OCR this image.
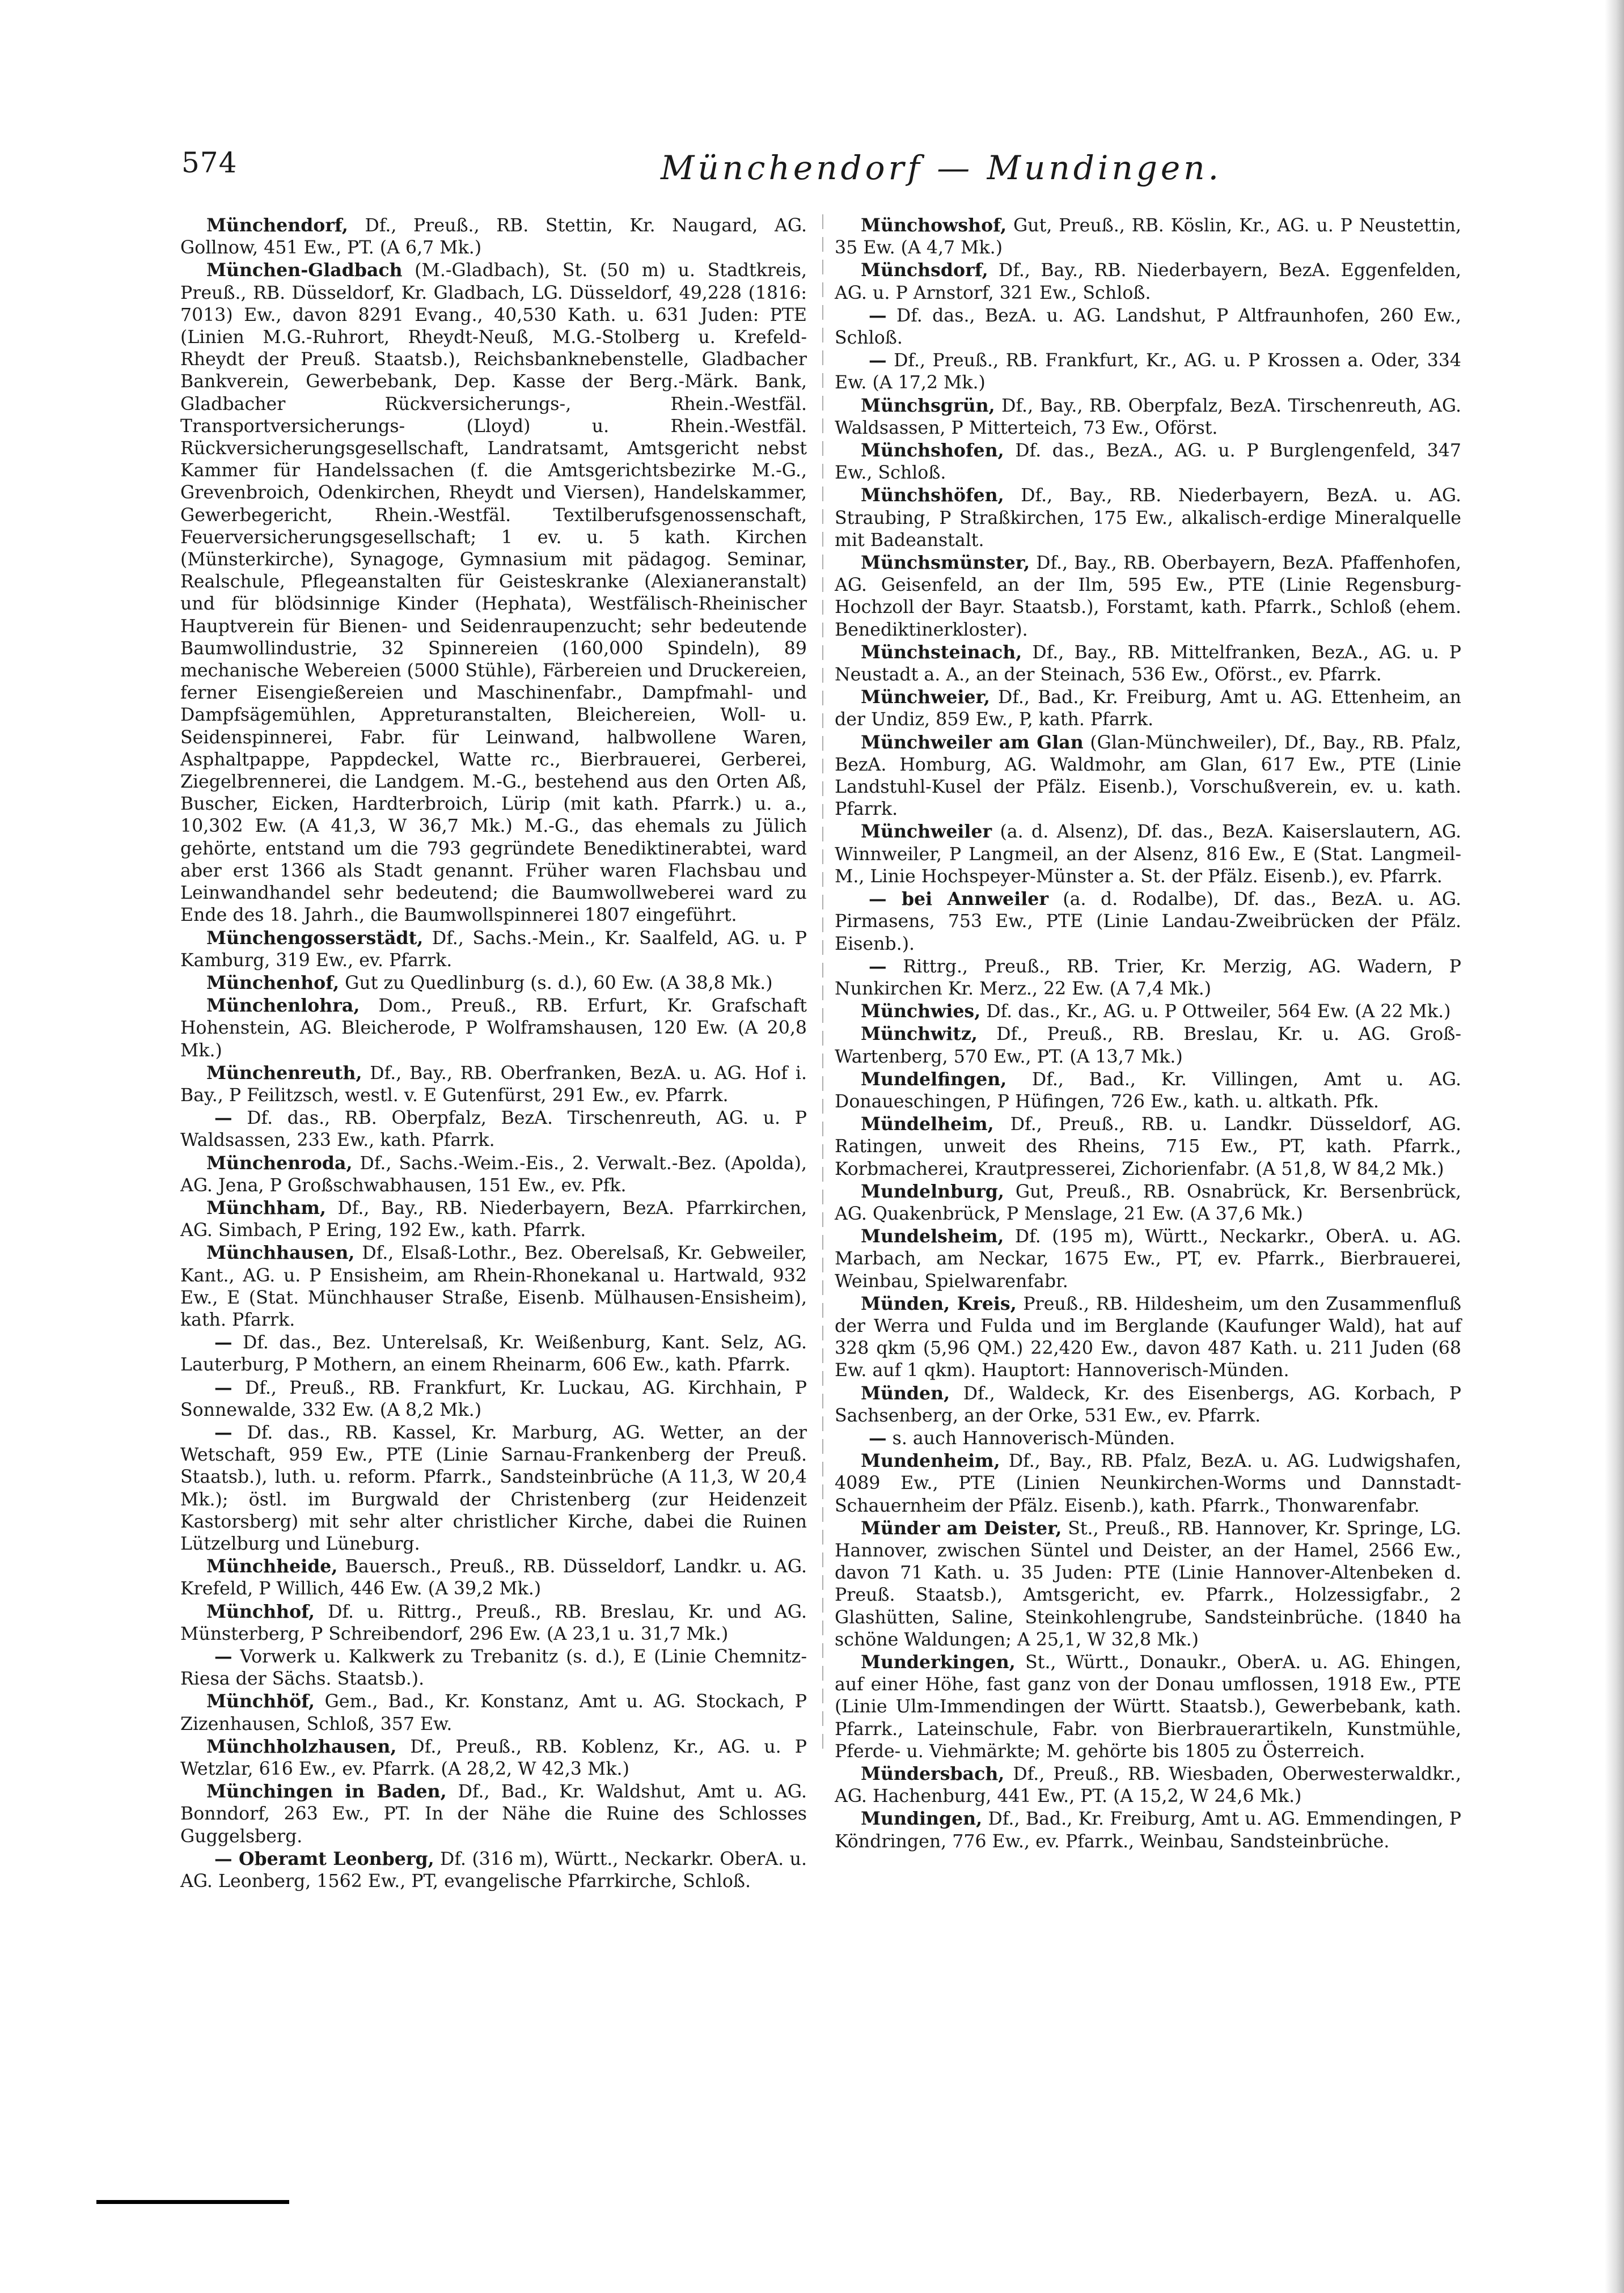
574	Münchendorf — Mundingen.

Münchendorf, Df., Preuß., RB. Stettin, Kr. Naugard, AG. Gollnow, 451 Ew., PT. (A 6,7 Mk.)

München-Gladbach (M.-Gladbach), St. (50 m) u. Stadtkreis, Preuß., RB. Düsseldorf, Kr. Gladbach, LG. Düsseldorf, 49,228 (1816: 7013) Ew., davon 8291 Evang., 40,530 Kath. u. 631 Juden: PTE (Linien M.G.-Ruhrort, Rheydt-Neuß, M.G.-Stolberg u. Krefeld-Rheydt der Preuß. Staatsb.), Reichsbanknebenstelle, Gladbacher Bankverein, Gewerbebank, Dep. Kasse der Berg.-Märk. Bank, Gladbacher Rückversicherungs-, Rhein.-Westfäl. Transportversicherungs- (Lloyd) u. Rhein.-Westfäl. Rückversicherungsgesellschaft, Landratsamt, Amtsgericht nebst Kammer für Handelssachen (f. die Amtsgerichtsbezirke M.-G., Grevenbroich, Odenkirchen, Rheydt und Viersen), Handelskammer, Gewerbegericht, Rhein.-Westfäl. Textilberufsgenossenschaft, Feuerversicherungsgesellschaft; 1 ev. u. 5 kath. Kirchen (Münsterkirche), Synagoge, Gymnasium mit pädagog. Seminar, Realschule, Pflegeanstalten für Geisteskranke (Alexianeranstalt) und für blödsinnige Kinder (Hephata), Westfälisch-Rheinischer Hauptverein für Bienen- und Seidenraupenzucht; sehr bedeutende Baumwollindustrie, 32 Spinnereien (160,000 Spindeln), 89 mechanische Webereien (5000 Stühle), Färbereien und Druckereien, ferner Eisengießereien und Maschinenfabr., Dampfmahl- und Dampfsägemühlen, Appreturanstalten, Bleichereien, Woll- u. Seidenspinnerei, Fabr. für Leinwand, halbwollene Waren, Asphaltpappe, Pappdeckel, Watte rc., Bierbrauerei, Gerberei, Ziegelbrennerei, die Landgem. M.-G., bestehend aus den Orten Aß, Buscher, Eicken, Hardterbroich, Lürip (mit kath. Pfarrk.) u. a., 10,302 Ew. (A 41,3, W 36,7 Mk.) M.-G., das ehemals zu Jülich gehörte, entstand um die 793 gegründete Benediktinerabtei, ward aber erst 1366 als Stadt genannt. Früher waren Flachsbau und Leinwandhandel sehr bedeutend; die Baumwollweberei ward zu Ende des 18. Jahrh., die Baumwollspinnerei 1807 eingeführt.

Münchengosserstädt, Df., Sachs.-Mein., Kr. Saalfeld, AG. u. P Kamburg, 319 Ew., ev. Pfarrk.

Münchenhof, Gut zu Quedlinburg (s. d.), 60 Ew. (A 38,8 Mk.)

Münchenlohra, Dom., Preuß., RB. Erfurt, Kr. Grafschaft Hohenstein, AG. Bleicherode, P Wolframshausen, 120 Ew. (A 20,8 Mk.)

Münchenreuth, Df., Bay., RB. Oberfranken, BezA. u. AG. Hof i. Bay., P Feilitzsch, westl. v. E Gutenfürst, 291 Ew., ev. Pfarrk.

— Df. das., RB. Oberpfalz, BezA. Tirschenreuth, AG. u. P Waldsassen, 233 Ew., kath. Pfarrk.

Münchenroda, Df., Sachs.-Weim.-Eis., 2. Verwalt.-Bez. (Apolda), AG. Jena, P Großschwabhausen, 151 Ew., ev. Pfk.

Münchham, Df., Bay., RB. Niederbayern, BezA. Pfarrkirchen, AG. Simbach, P Ering, 192 Ew., kath. Pfarrk.

Münchhausen, Df., Elsaß-Lothr., Bez. Oberelsaß, Kr. Gebweiler, Kant., AG. u. P Ensisheim, am Rhein-Rhonekanal u. Hartwald, 932 Ew., E (Stat. Münchhauser Straße, Eisenb. Mülhausen-Ensisheim), kath. Pfarrk.

— Df. das., Bez. Unterelsaß, Kr. Weißenburg, Kant. Selz, AG. Lauterburg, P Mothern, an einem Rheinarm, 606 Ew., kath. Pfarrk.

— Df., Preuß., RB. Frankfurt, Kr. Luckau, AG. Kirchhain, P Sonnewalde, 332 Ew. (A 8,2 Mk.)

— Df. das., RB. Kassel, Kr. Marburg, AG. Wetter, an der Wetschaft, 959 Ew., PTE (Linie Sarnau-Frankenberg der Preuß. Staatsb.), luth. u. reform. Pfarrk., Sandsteinbrüche (A 11,3, W 20,4 Mk.); östl. im Burgwald der Christenberg (zur Heidenzeit Kastorsberg) mit sehr alter christlicher Kirche, dabei die Ruinen Lützelburg und Lüneburg.

Münchheide, Bauersch., Preuß., RB. Düsseldorf, Landkr. u. AG. Krefeld, P Willich, 446 Ew. (A 39,2 Mk.)

Münchhof, Df. u. Rittrg., Preuß., RB. Breslau, Kr. und AG. Münsterberg, P Schreibendorf, 296 Ew. (A 23,1 u. 31,7 Mk.)

— Vorwerk u. Kalkwerk zu Trebanitz (s. d.), E (Linie Chemnitz-Riesa der Sächs. Staatsb.).

Münchhöf, Gem., Bad., Kr. Konstanz, Amt u. AG. Stockach, P Zizenhausen, Schloß, 357 Ew.

Münchholzhausen, Df., Preuß., RB. Koblenz, Kr., AG. u. P Wetzlar, 616 Ew., ev. Pfarrk. (A 28,2, W 42,3 Mk.)

Münchingen in Baden, Df., Bad., Kr. Waldshut, Amt u. AG. Bonndorf, 263 Ew., PT. In der Nähe die Ruine des Schlosses Guggelsberg.

— Oberamt Leonberg, Df. (316 m), Württ., Neckarkr. OberA. u. AG. Leonberg, 1562 Ew., PT, evangelische Pfarrkirche, Schloß.

Münchowshof, Gut, Preuß., RB. Köslin, Kr., AG. u. P Neustettin, 35 Ew. (A 4,7 Mk.)

Münchsdorf, Df., Bay., RB. Niederbayern, BezA. Eggenfelden, AG. u. P Arnstorf, 321 Ew., Schloß.

— Df. das., BezA. u. AG. Landshut, P Altfraunhofen, 260 Ew., Schloß.

— Df., Preuß., RB. Frankfurt, Kr., AG. u. P Krossen a. Oder, 334 Ew. (A 17,2 Mk.)

Münchsgrün, Df., Bay., RB. Oberpfalz, BezA. Tirschenreuth, AG. Waldsassen, P Mitterteich, 73 Ew., Oförst.

Münchshofen, Df. das., BezA., AG. u. P Burglengenfeld, 347 Ew., Schloß.

Münchshöfen, Df., Bay., RB. Niederbayern, BezA. u. AG. Straubing, P Straßkirchen, 175 Ew., alkalisch-erdige Mineralquelle mit Badeanstalt.

Münchsmünster, Df., Bay., RB. Oberbayern, BezA. Pfaffenhofen, AG. Geisenfeld, an der Ilm, 595 Ew., PTE (Linie Regensburg-Hochzoll der Bayr. Staatsb.), Forstamt, kath. Pfarrk., Schloß (ehem. Benediktinerkloster).

Münchsteinach, Df., Bay., RB. Mittelfranken, BezA., AG. u. P Neustadt a. A., an der Steinach, 536 Ew., Oförst., ev. Pfarrk.

Münchweier, Df., Bad., Kr. Freiburg, Amt u. AG. Ettenheim, an der Undiz, 859 Ew., P, kath. Pfarrk.

Münchweiler am Glan (Glan-Münchweiler), Df., Bay., RB. Pfalz, BezA. Homburg, AG. Waldmohr, am Glan, 617 Ew., PTE (Linie Landstuhl-Kusel der Pfälz. Eisenb.), Vorschußverein, ev. u. kath. Pfarrk.

Münchweiler (a. d. Alsenz), Df. das., BezA. Kaiserslautern, AG. Winnweiler, P Langmeil, an der Alsenz, 816 Ew., E (Stat. Langmeil-M., Linie Hochspeyer-Münster a. St. der Pfälz. Eisenb.), ev. Pfarrk.

— bei Annweiler (a. d. Rodalbe), Df. das., BezA. u. AG. Pirmasens, 753 Ew., PTE (Linie Landau-Zweibrücken der Pfälz. Eisenb.).

— Rittrg., Preuß., RB. Trier, Kr. Merzig, AG. Wadern, P Nunkirchen Kr. Merz., 22 Ew. (A 7,4 Mk.)

Münchwies, Df. das., Kr., AG. u. P Ottweiler, 564 Ew. (A 22 Mk.)

Münchwitz, Df., Preuß., RB. Breslau, Kr. u. AG. Groß-Wartenberg, 570 Ew., PT. (A 13,7 Mk.)

Mundelfingen, Df., Bad., Kr. Villingen, Amt u. AG. Donaueschingen, P Hüfingen, 726 Ew., kath. u. altkath. Pfk.

Mündelheim, Df., Preuß., RB. u. Landkr. Düsseldorf, AG. Ratingen, unweit des Rheins, 715 Ew., PT, kath. Pfarrk., Korbmacherei, Krautpresserei, Zichorienfabr. (A 51,8, W 84,2 Mk.)

Mundelnburg, Gut, Preuß., RB. Osnabrück, Kr. Bersenbrück, AG. Quakenbrück, P Menslage, 21 Ew. (A 37,6 Mk.)

Mundelsheim, Df. (195 m), Württ., Neckarkr., OberA. u. AG. Marbach, am Neckar, 1675 Ew., PT, ev. Pfarrk., Bierbrauerei, Weinbau, Spielwarenfabr.

Münden, Kreis, Preuß., RB. Hildesheim, um den Zusammenfluß der Werra und Fulda und im Berglande (Kaufunger Wald), hat auf 328 qkm (5,96 QM.) 22,420 Ew., davon 487 Kath. u. 211 Juden (68 Ew. auf 1 qkm). Hauptort: Hannoverisch-Münden.

Münden, Df., Waldeck, Kr. des Eisenbergs, AG. Korbach, P Sachsenberg, an der Orke, 531 Ew., ev. Pfarrk.

— s. auch Hannoverisch-Münden.

Mundenheim, Df., Bay., RB. Pfalz, BezA. u. AG. Ludwigshafen, 4089 Ew., PTE (Linien Neunkirchen-Worms und Dannstadt-Schauernheim der Pfälz. Eisenb.), kath. Pfarrk., Thonwarenfabr.

Münder am Deister, St., Preuß., RB. Hannover, Kr. Springe, LG. Hannover, zwischen Süntel und Deister, an der Hamel, 2566 Ew., davon 71 Kath. u. 35 Juden: PTE (Linie Hannover-Altenbeken d. Preuß. Staatsb.), Amtsgericht, ev. Pfarrk., Holzessigfabr., 2 Glashütten, Saline, Steinkohlengrube, Sandsteinbrüche. (1840 ha schöne Waldungen; A 25,1, W 32,8 Mk.)

Munderkingen, St., Württ., Donaukr., OberA. u. AG. Ehingen, auf einer Höhe, fast ganz von der Donau umflossen, 1918 Ew., PTE (Linie Ulm-Immendingen der Württ. Staatsb.), Gewerbebank, kath. Pfarrk., Lateinschule, Fabr. von Bierbrauerartikeln, Kunstmühle, Pferde- u. Viehmärkte; M. gehörte bis 1805 zu Österreich.

Mündersbach, Df., Preuß., RB. Wiesbaden, Oberwesterwaldkr., AG. Hachenburg, 441 Ew., PT. (A 15,2, W 24,6 Mk.)

Mundingen, Df., Bad., Kr. Freiburg, Amt u. AG. Emmendingen, P Köndringen, 776 Ew., ev. Pfarrk., Weinbau, Sandsteinbrüche.
